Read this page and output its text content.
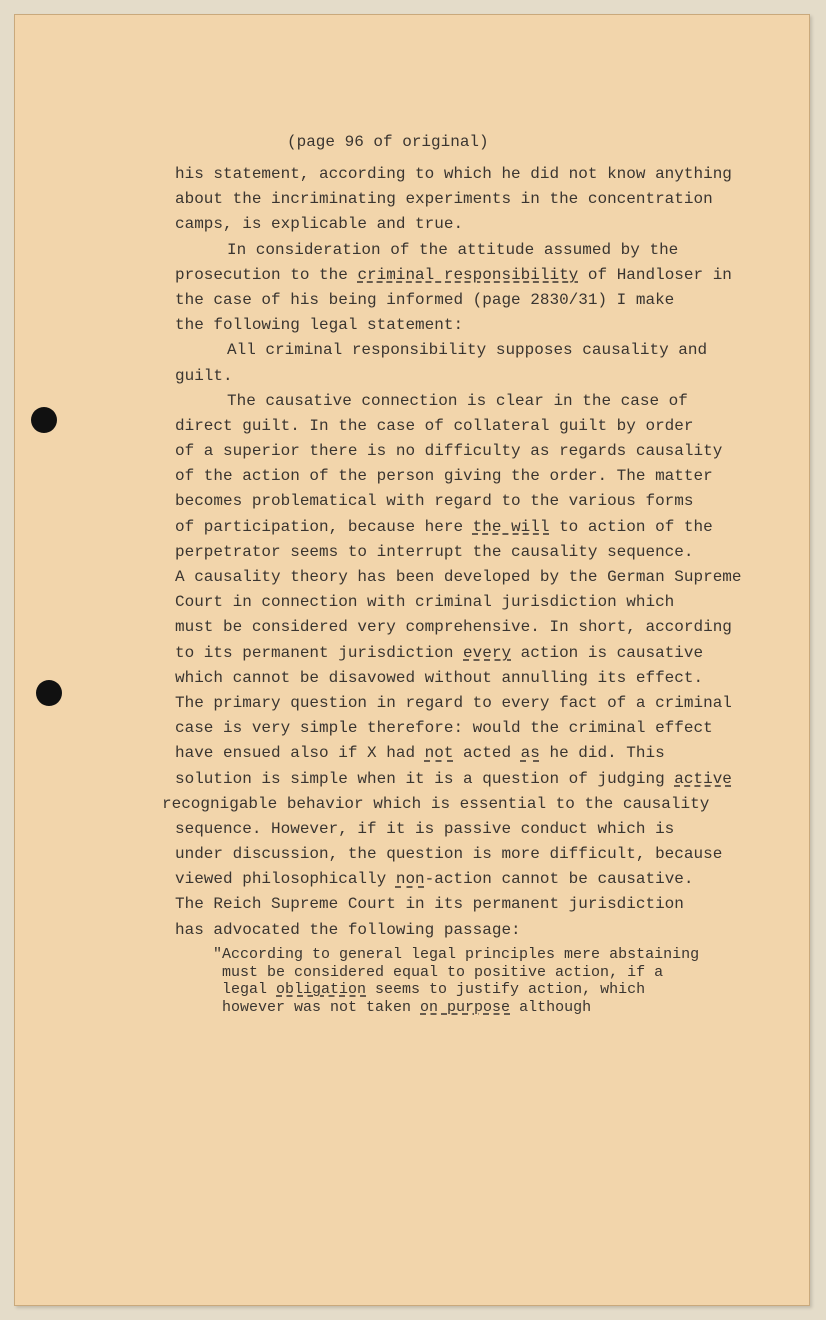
(page 96 of original)
his statement, according to which he did not know anything
about the incriminating experiments in the concentration
camps, is explicable and true.
In consideration of the attitude assumed by the
prosecution to the criminal responsibility of Handloser in
the case of his being informed (page 2830/31) I make
the following legal statement:
All criminal responsibility supposes causality and
guilt.
The causative connection is clear in the case of
direct guilt. In the case of collateral guilt by order
of a superior there is no difficulty as regards causality
of the action of the person giving the order. The matter
becomes problematical with regard to the various forms
of participation, because here the will to action of the
perpetrator seems to interrupt the causality sequence.
A causality theory has been developed by the German Supreme
Court in connection with criminal jurisdiction which
must be considered very comprehensive. In short, according
to its permanent jurisdiction every action is causative
which cannot be disavowed without annulling its effect.
The primary question in regard to every fact of a criminal
case is very simple therefore: would the criminal effect
have ensued also if X had not acted as he did. This
solution is simple when it is a question of judging active
recognigable behavior which is essential to the causality
sequence. However, if it is passive conduct which is
under discussion, the question is more difficult, because
viewed philosophically non-action cannot be causative.
The Reich Supreme Court in its permanent jurisdiction
has advocated the following passage:
"According to general legal principles mere abstaining
must be considered equal to positive action, if a
legal obligation seems to justify action, which
however was not taken on purpose although
